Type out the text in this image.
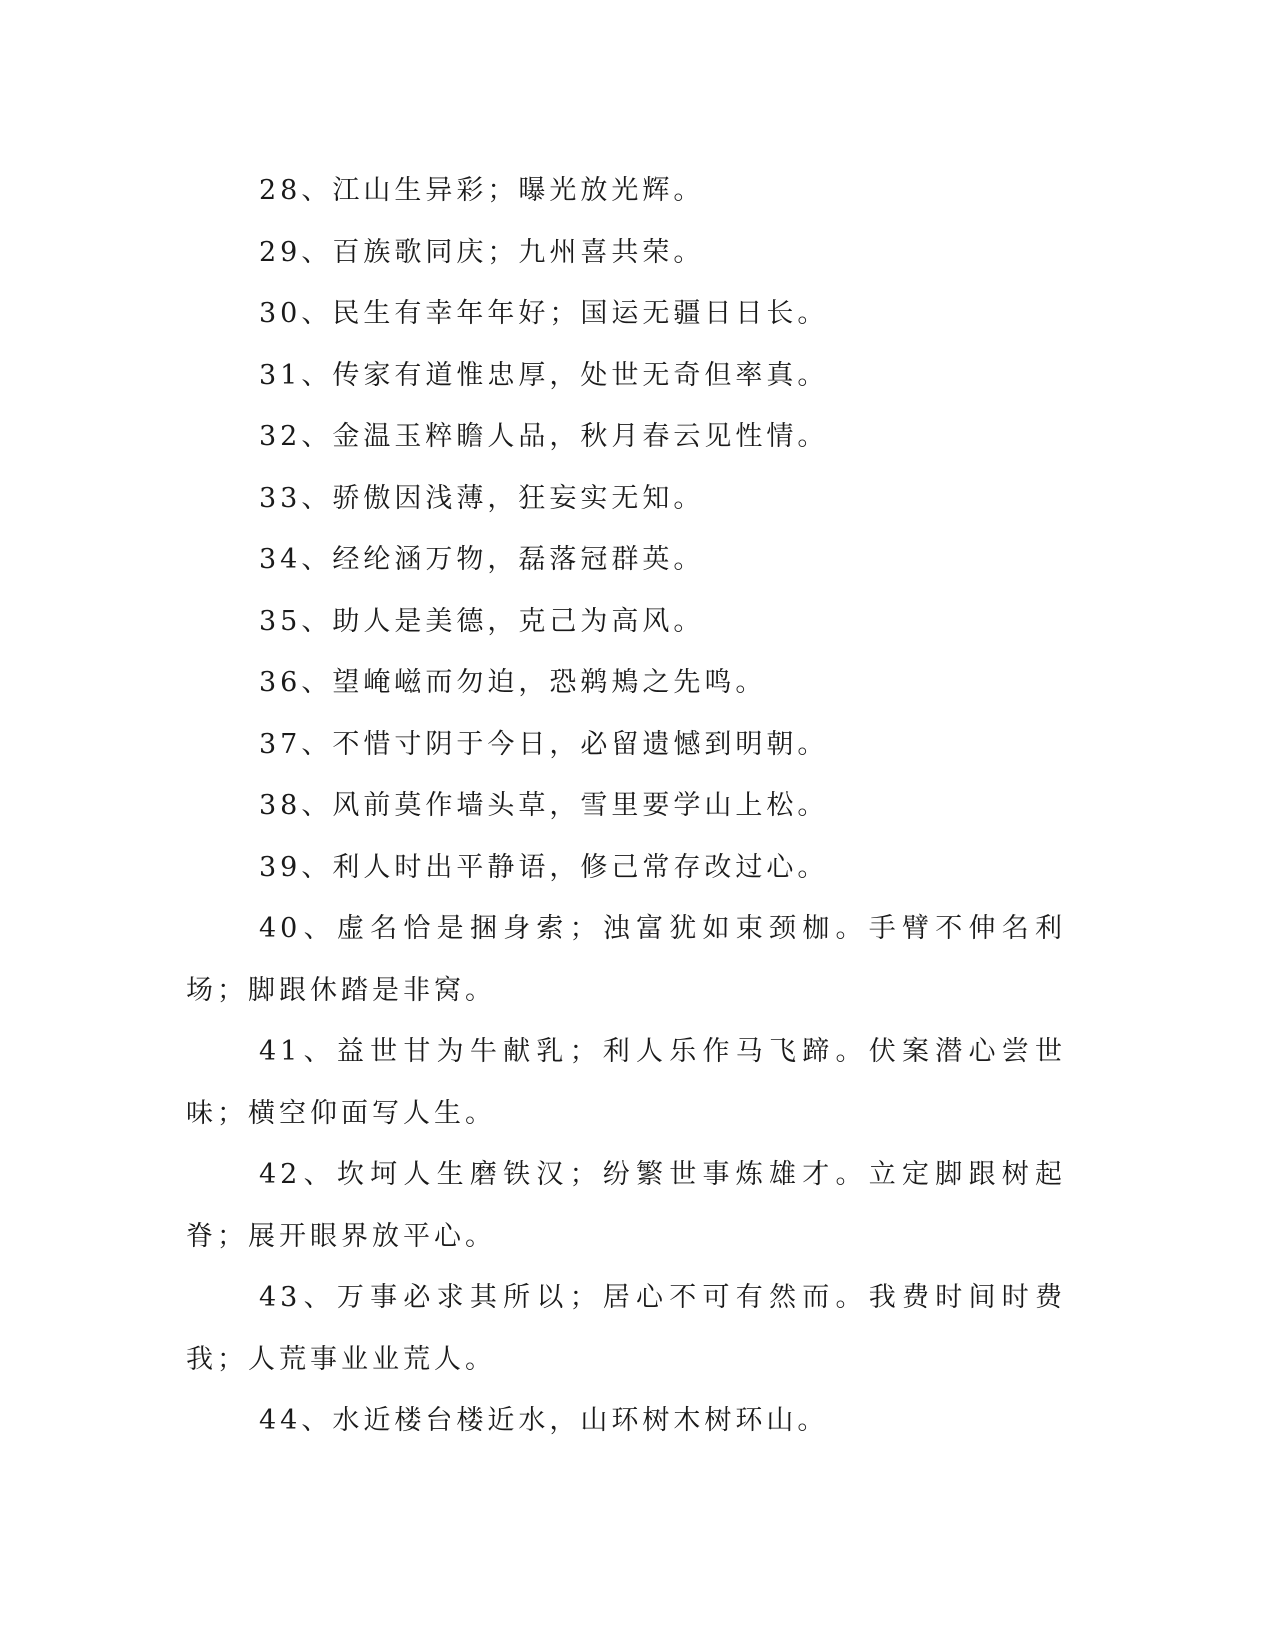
28、江山生异彩；曝光放光辉。

29、百族歌同庆；九州喜共荣。

30、民生有幸年年好；国运无疆日日长。

31、传家有道惟忠厚，处世无奇但率真。

32、金温玉粹瞻人品，秋月春云见性情。

33、骄傲因浅薄，狂妄实无知。

34、经纶涵万物，磊落冠群英。

35、助人是美德，克己为高风。

36、望崦嵫而勿迫，恐鹈鴂之先鸣。

37、不惜寸阴于今日，必留遗憾到明朝。

38、风前莫作墙头草，雪里要学山上松。

39、利人时出平静语，修己常存改过心。

40、虚名恰是捆身索；浊富犹如束颈枷。手臂不伸名利场；脚跟休踏是非窝。

41、益世甘为牛献乳；利人乐作马飞蹄。伏案潜心尝世味；横空仰面写人生。

42、坎坷人生磨铁汉；纷繁世事炼雄才。立定脚跟树起脊；展开眼界放平心。

43、万事必求其所以；居心不可有然而。我费时间时费我；人荒事业业荒人。

44、水近楼台楼近水，山环树木树环山。
